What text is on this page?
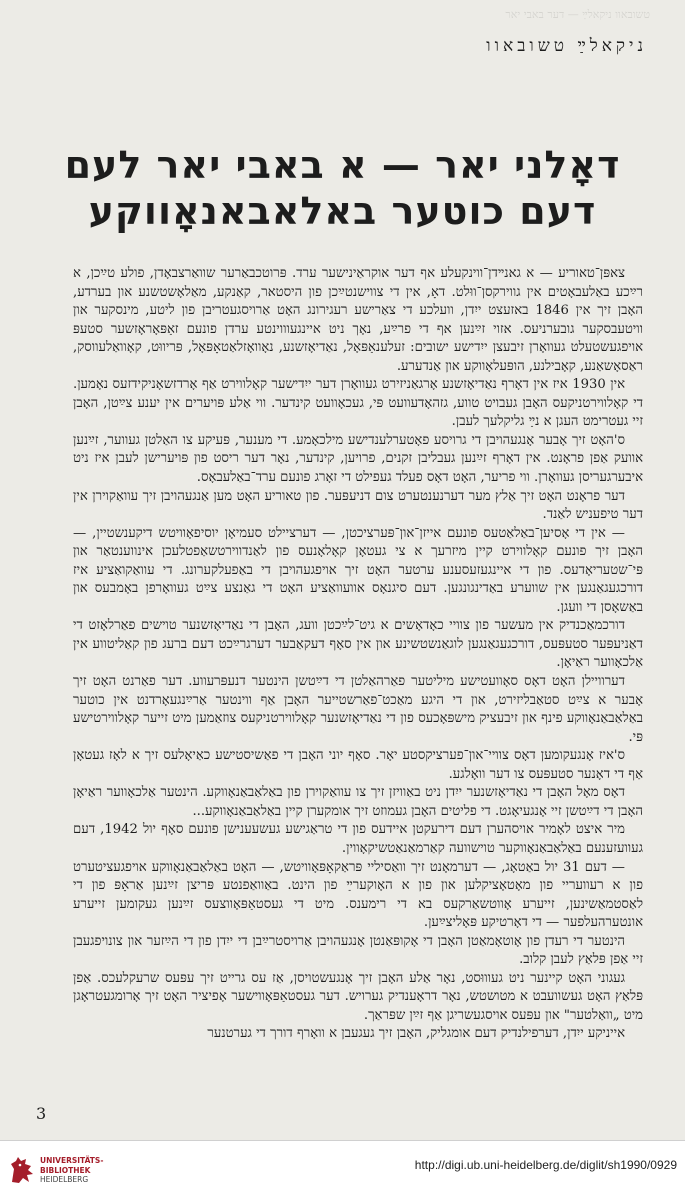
טשובאוו ניקאלײַ — דער באבי יאר
ניקאלײַ טשובאוו
דאָלני יאר — א באבי יאר לעם
דעם כוטער באלאבאנאָווקע

צאפּן־טאוריע — א גאנײדן־ווינקעלע אף דער אוקראַינישער ערד. פּרוטכבאַרער שוואַרצבאָדן, פולע טײַכן, א רײַכע באַלעבאָטים אין גווירקסן־ווּלט. דאָ, אין די צווישנטײַכן פון היסטאר, קאַנקע, מאַלאָשטשנע און בערדע, האָבן זיך אין 1846 באזעצט ייִדן, וועלכע די צאַרישע רעגירונג האָט אַרויסגעטריבן פון ליטע, מינסקער און וויטעבסקער גובערניעס. אזוי זײַנען אף די פרײַע, נאָך ניט איינגעוווינטע ערדן פונעם זאַפּאָראָזשער סטעפּ אויפגעשטעלט געוואָרן זיבעצן ייִדישע ישובים: זעלענאַפּאָל, נאַדיאָזשנע, נאָוואָזלאַטאָפּאָל, פּריווּט, קאָוואַלעווסק, ראַסאָשאַנע, קאָבילנע, הופּעלאָווקע און אַנדערע.

אין 1930 איז אין דאָרף נאַדיאָזשנע אָרגאַניזירט געוואָרן דער ייִדישער קאָלווירט אַף אָרדזשאָניקידזעס נאָמען. די קאָלווירטניקעס האָבן געבויט טווע, גזהאָדעוועט פּי, געכאָוועט קינדער. ווי אַלע פּויערים אין יענע צײַטן, האָבן זיי געטרימט העגן א נײַ גליקלעך לעבן.

ס'האָט זיך אָבער אָנגעהויבן די גרויסע פאָטערלענדישע מילכאָמע. די מענער, פּעיקע צו האַלטן געווער, זײַנען אוועק אַפן פראָנט. אין דאָרף זײַנען געבליבן זקנים, פרויען, קינדער, נאָר דער ריסט פון פּויערישן לעבן איז ניט איבערגעריסן געוואָרן. ווי פריער, האָט דאָס פעלד געפילט די זאָרג פונעם ערד־באַלעבאָס.

דער פראָנט האָט זיך אַלץ מער דערנענטערט צום דניעפּער. פון טאוריע האָט מען אַנגעהויבן זיך עוואַקוירן אין דער טיפעניש לאַנד.

— אין די אָסיען־באַלאַטעס פונעם אייזן־און־פּערציכטן, — דערציילט סעמיאָן יוסיפאָוויטש דיקענשטיין, — האָבן זיך פונעם קאָלווירט קיין מיזרעך א צי געטאָן קאָלאָנעס פון לאַנדווירטשאַפטלעכן אינווענטאַר און פּי־שטעריאָדעס. פון די איינגעזעסענע ערטער האָט זיך אויפגעהויבן די באַפעלקערונג. די עוואַקואַציע איז דורכגעגאַנגען אין שווערע באַדינגונגען. דעם סיגנאָס אוועוואַציע האָט די גאַנצע צײַט געוואָרפן באָמבעס און באַשאָסן די וועגן.

דורכמאַכנדיק אין מעשער פון צוויי כאָדאָשים א גיט־לײַכטן וועג, האָבן די נאַדיאָזשנער טוישים פאַרלאָזט די דאַניעפּער סטעפּעס, דורכגעגאַנגען לוגאַנשטשינע און אין סאָף דעקאַבער דערגרײַכט דעם ברעג פון קאַליטווע אין אַלכאָווער ראַיאָן.

דערוויילן האָט דאָס סאָוועטישע מיליטער פאַרהאַלטן די דײַטשן הינטער דנעפּרעווע. דער פאַרנט האָט זיך אָבער א צײַט סטאַבליזירט, און די היגע מאַכט־פאַרשטייער האָבן אַף ווינטער אַרײַנגעאָרדנט אין כוטער באַלאַבאַנאָווקע פינף און זיבעציק מישפּאָכעס פון די נאַדיאָזשנער קאָלווירטניקעס צוזאַמען מיט זייער קאָלווירטישע פּי.

ס'איז אָנגעקומען דאָס צוויי־און־פערציקסטע יאָר. סאָף יוני האָבן די פאַשיסטישע כאַיאָלעס זיך א לאָז געטאָן אַף די דאָנער סטעפּעס צו דער וואָלגע.

דאָס מאָל האָבן די נאַדיאָזשנער ייִדן ניט באַוויזן זיך צו עוואַקוירן פון באַלאַבאַנאָווקע. הינטער אַלכאָווער ראַיאָן האָבן די דײַטשן זיי אָנגעיאָגט. די פליטים האָבן געמוזט זיך אומקערן קיין באַלאַבאַנאָווקע...

מיר איצט לאָמיר אויסהערן דעם דירעקטן איידעס פון די טראַגישע געשעענישן פונעם סאָף יול 1942, דעם געוועזענעם באַלאַבאַנאָווקער טוישוועה קאַרמאַנאַטשיקאָווין.

— דעם 31 יול באַטאָג, — דערמאָנט זיך וואַסיליי פּראַקאָפּאָוויטש, — האָט באַלאַבאַנאָווקע אויפגעציטערט פון א רעוועריי פון מאָטאָציקלען און פון א האָוקערײַ פון הינט. באַוואַפנטע פּריצן זײַנען אַראָפּ פון די לאַסטמאַשינען, זייערע אָווטשאַרקעס בא די רימענס. מיט די געסטאַפּאָווצעס זײַנען געקומען זייערע אונטערהעלפער — די דאָרטיקע פּאָליצײַען.

הינטער די רעדן פון אָוטאָמאַטן האָבן די אָקופּאַנטן אָנגעהויבן אַרויסטרײַבן די ייִדן פון די הײַזער און צונויפגעבן זיי אַפן פּלאַץ לעבן קלוב.

געגוני האָט קיינער ניט געוווּסט, נאָר אַלע האָבן זיך אָנגעשטויסן, אַז עס גרייט זיך עפּעס שרעקלעכס. אַפן פּלאַץ האָט געשוועבט א מטושטש, נאָר דראָענדיק גערויש. דער געסטאַפּאָווישער אָפיציר האָט זיך אָרומגעטראָגן מיט „וואַלטער" און עפּעס אויסגעשריגן אַף זײַן שפּראַך.

אייניקע ייִדן, דערפילנדיק דעם אומגליק, האָבן זיך געגעבן א וואָרף דורך די גערטנער

3
UNIVERSITÄTS-
BIBLIOTHEK
HEIDELBERG
http://digi.ub.uni-heidelberg.de/diglit/sh1990/0929
